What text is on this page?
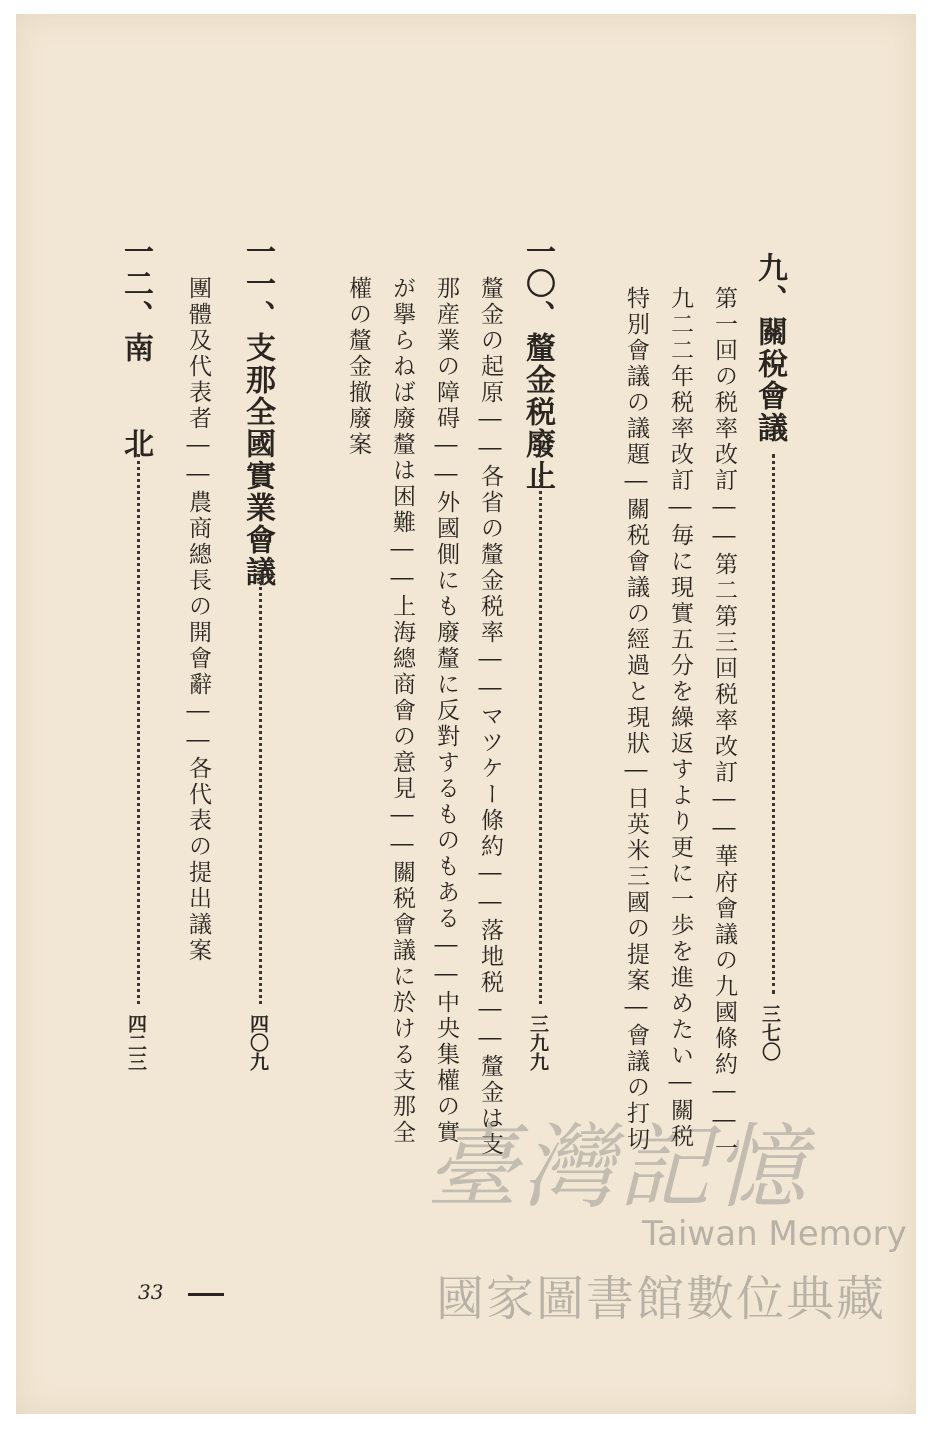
九、關稅會議
三七〇
第一回の税率改訂――第二第三回税率改訂――華府會議の九國條約――一
九二二年税率改訂―毎に現實五分を繰返すより更に一歩を進めたい―關税
特別會議の議題―關税會議の經過と現狀―日英米三國の提案―會議の打切
一〇、釐金税廢止
三九九
釐金の起原――各省の釐金税率――マツケー條約――落地税――釐金は支
那産業の障碍――外國側にも廢釐に反對するものもある――中央集權の實
が擧らねば廢釐は困難――上海總商會の意見――關税會議に於ける支那全
權の釐金撤廢案
一一、支那全國實業會議
四〇九
團體及代表者――農商總長の開會辭――各代表の提出議案
一二、南　　北
四二三
33
臺灣記憶
Taiwan Memory
國家圖書館數位典藏
